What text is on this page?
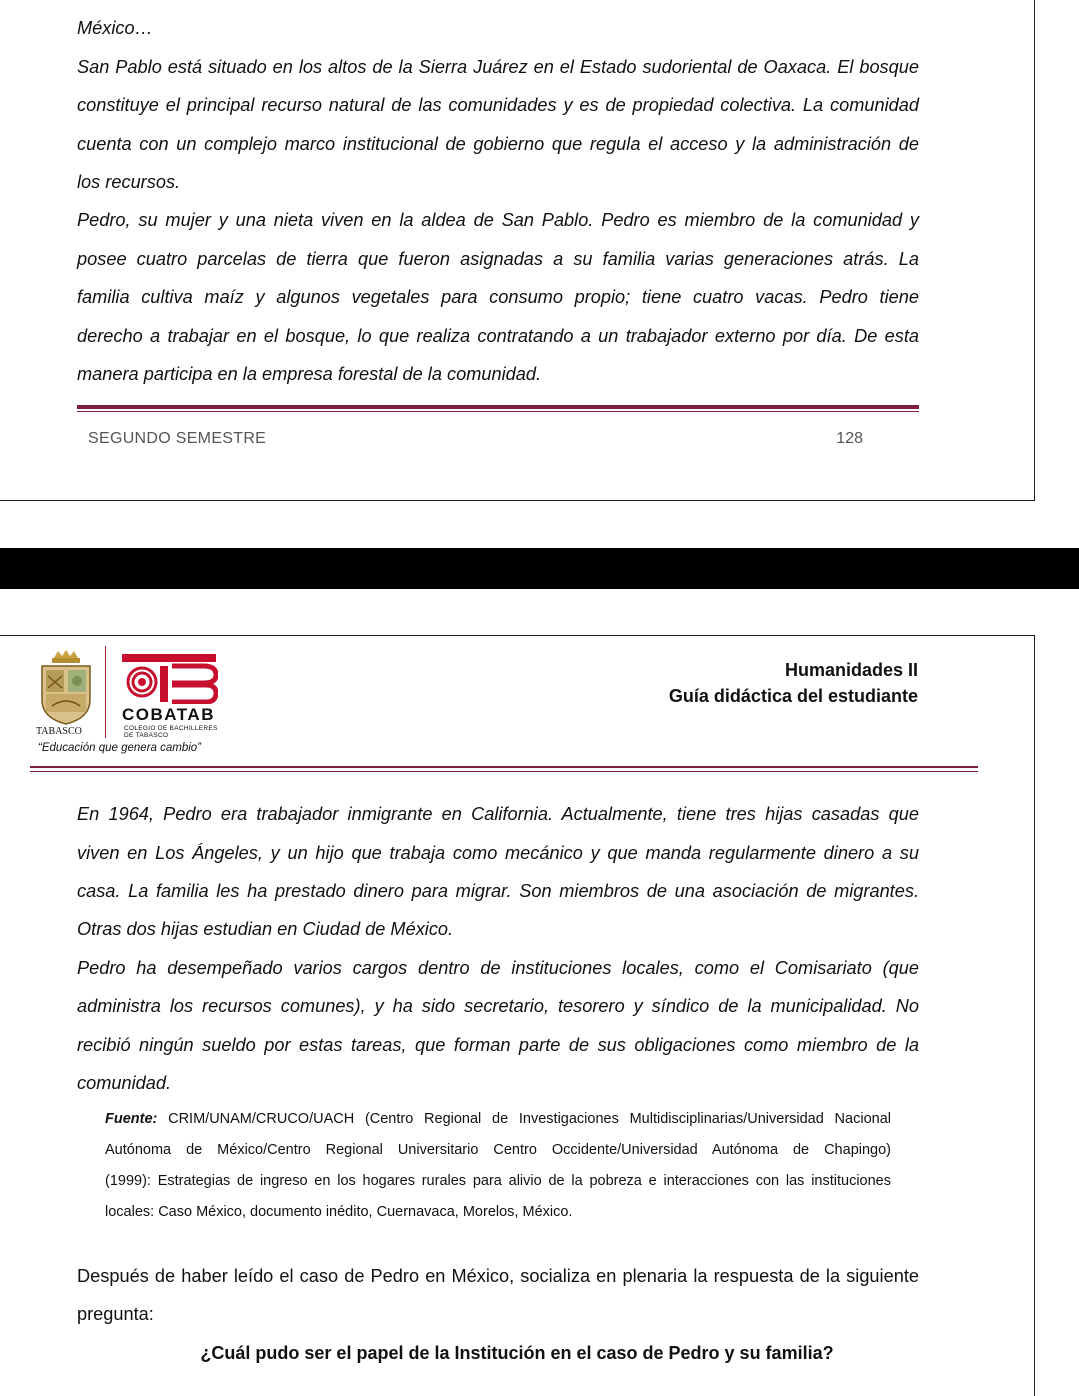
México…
San Pablo está situado en los altos de la Sierra Juárez en el Estado sudoriental de Oaxaca. El bosque
constituye el principal recurso natural de las comunidades y es de propiedad colectiva. La comunidad
cuenta con un complejo marco institucional de gobierno que regula el acceso y la administración de
los recursos.
Pedro, su mujer y una nieta viven en la aldea de San Pablo. Pedro es miembro de la comunidad y
posee cuatro parcelas de tierra que fueron asignadas a su familia varias generaciones atrás. La
familia cultiva maíz y algunos vegetales para consumo propio; tiene cuatro vacas. Pedro tiene
derecho a trabajar en el bosque, lo que realiza contratando a un trabajador externo por día. De esta
manera participa en la empresa forestal de la comunidad.
SEGUNDO SEMESTRE	128
TABASCO
COBATAB
COLEGIO DE BACHILLERES
DE TABASCO
Humanidades II
Guía didáctica del estudiante
“Educación que genera cambio”
En 1964, Pedro era trabajador inmigrante en California. Actualmente, tiene tres hijas casadas que
viven en Los Ángeles, y un hijo que trabaja como mecánico y que manda regularmente dinero a su
casa. La familia les ha prestado dinero para migrar. Son miembros de una asociación de migrantes.
Otras dos hijas estudian en Ciudad de México.
Pedro ha desempeñado varios cargos dentro de instituciones locales, como el Comisariato (que
administra los recursos comunes), y ha sido secretario, tesorero y síndico de la municipalidad. No
recibió ningún sueldo por estas tareas, que forman parte de sus obligaciones como miembro de la
comunidad.
Fuente: CRIM/UNAM/CRUCO/UACH (Centro Regional de Investigaciones Multidisciplinarias/Universidad Nacional
Autónoma de México/Centro Regional Universitario Centro Occidente/Universidad Autónoma de Chapingo)
(1999): Estrategias de ingreso en los hogares rurales para alivio de la pobreza e interacciones con las instituciones
locales: Caso México, documento inédito, Cuernavaca, Morelos, México.
Después de haber leído el caso de Pedro en México, socializa en plenaria la respuesta de la siguiente
pregunta:
¿Cuál pudo ser el papel de la Institución en el caso de Pedro y su familia?
